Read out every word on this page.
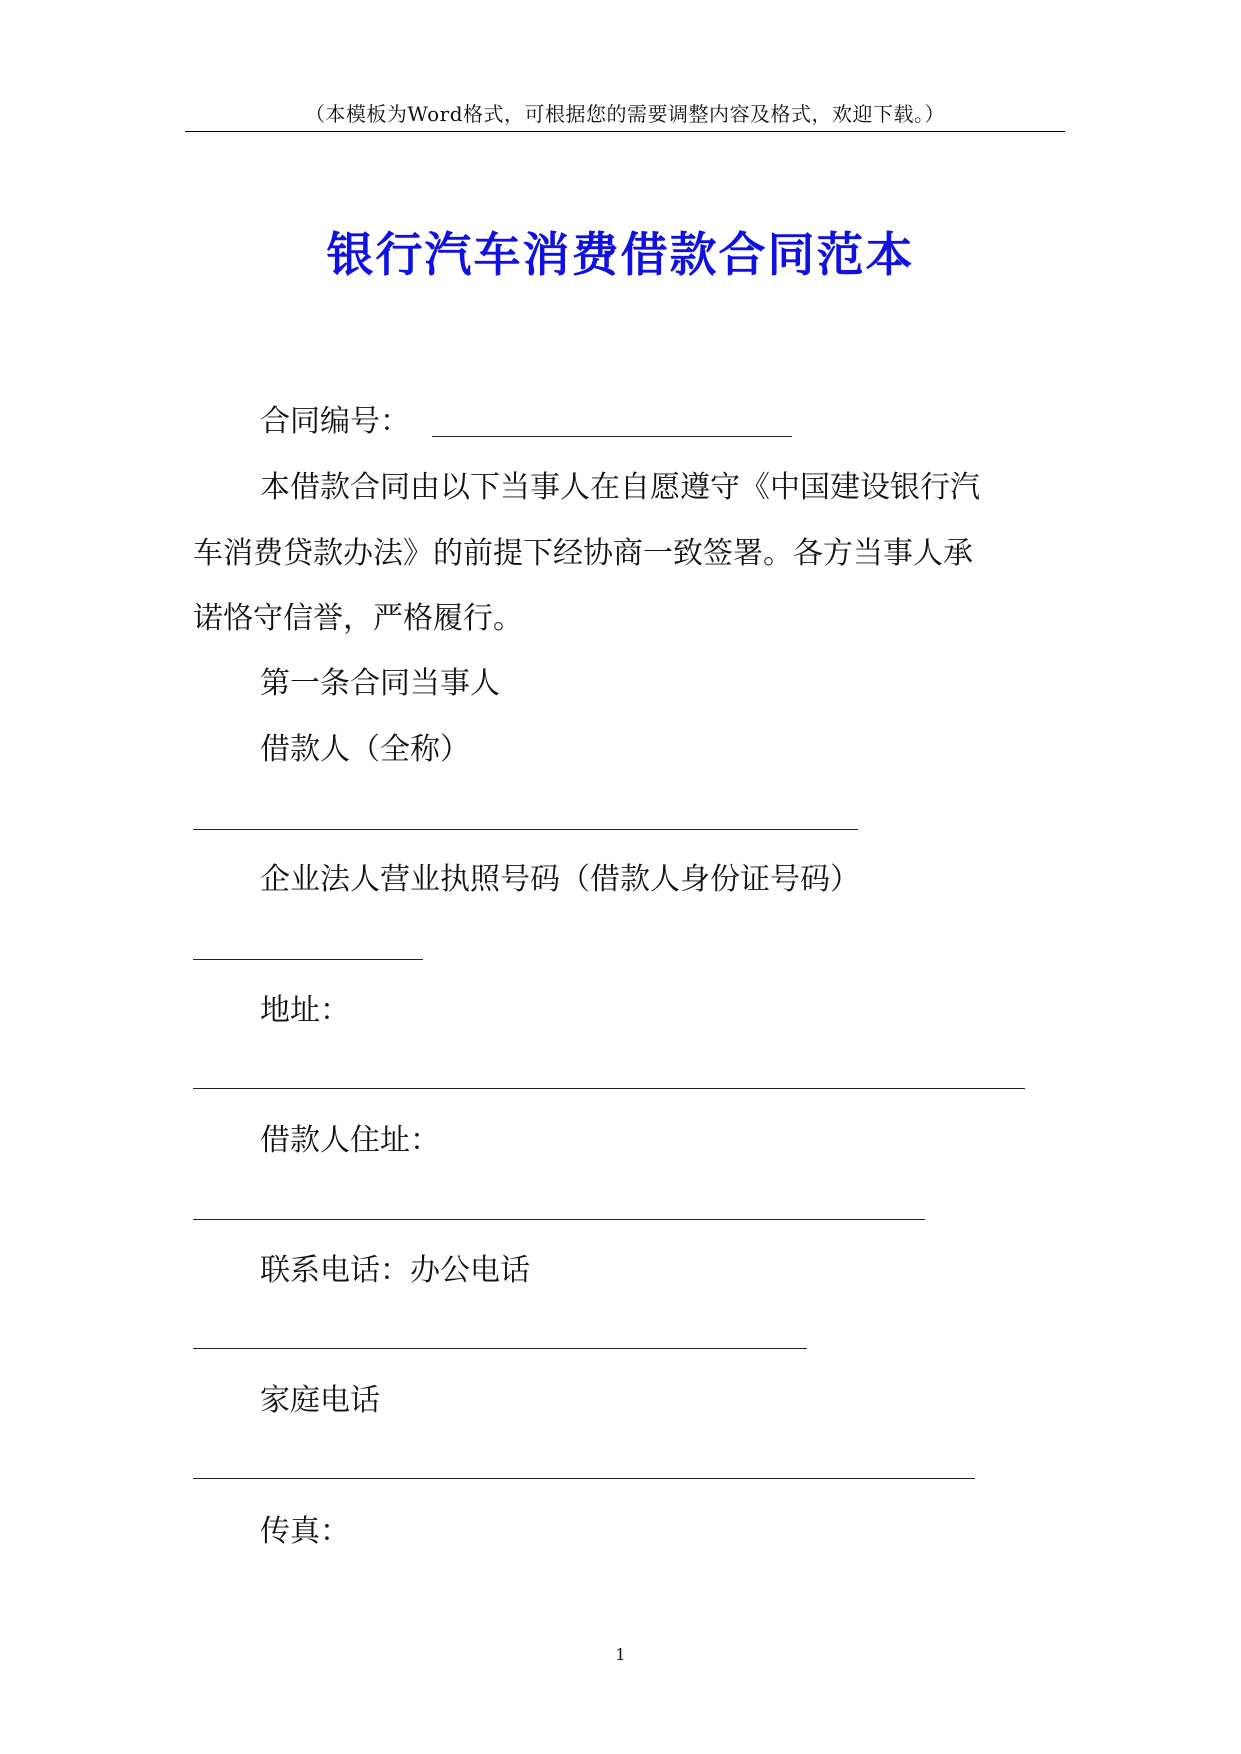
（本模板为Word格式，可根据您的需要调整内容及格式，欢迎下载。）
银行汽车消费借款合同范本
合同编号：
本借款合同由以下当事人在自愿遵守《中国建设银行汽
车消费贷款办法》的前提下经协商一致签署。各方当事人承
诺恪守信誉，严格履行。
第一条合同当事人
借款人（全称）
企业法人营业执照号码（借款人身份证号码）
地址：
借款人住址：
联系电话：办公电话
家庭电话
传真：
1
